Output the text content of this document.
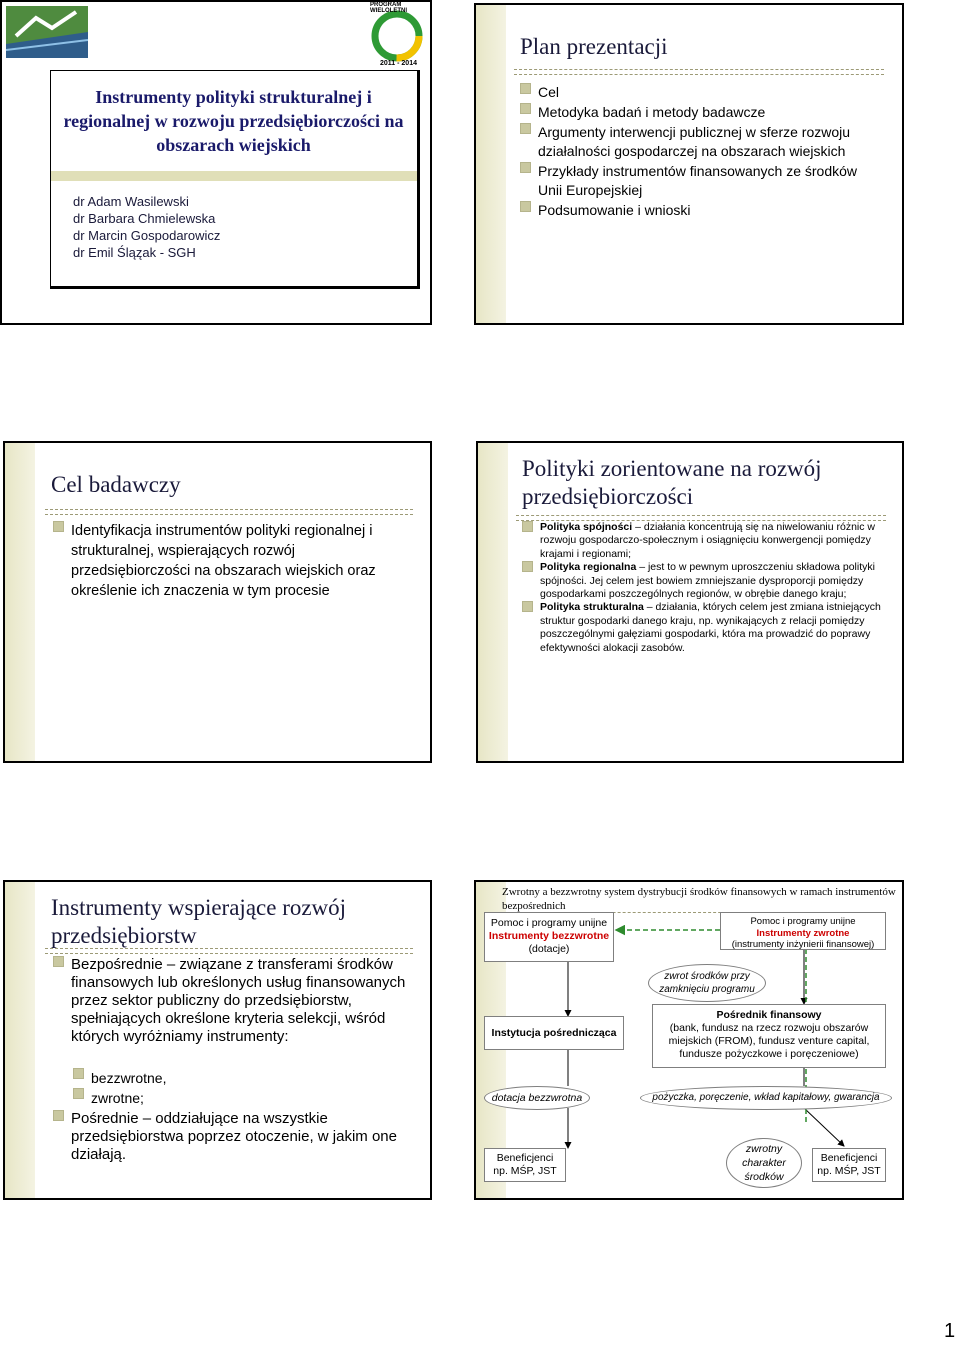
PROGRAM WIELOLETNI
2011 - 2014
Instrumenty polityki strukturalnej i regionalnej w rozwoju przedsiębiorczości na obszarach wiejskich
dr Adam Wasilewski
dr Barbara Chmielewska
dr Marcin Gospodarowicz
dr Emil Śląz̨ak - SGH
Plan prezentacji
Cel
Metodyka badań i metody badawcze
Argumenty interwencji publicznej w sferze rozwoju działalności gospodarczej na obszarach wiejskich
Przykłady instrumentów finansowanych ze środków Unii Europejskiej
Podsumowanie i wnioski
Cel badawczy
Identyfikacja instrumentów polityki regionalnej i strukturalnej, wspierających rozwój przedsiębiorczości na obszarach wiejskich oraz określenie ich znaczenia w tym procesie
Polityki zorientowane na rozwój przedsiębiorczości
Polityka spójności – działania koncentrują się na niwelowaniu różnic w rozwoju gospodarczo-społecznym i osiągnięciu konwergencji pomiędzy krajami i regionami;
Polityka regionalna – jest to w pewnym uproszczeniu składowa polityki spójności. Jej celem jest bowiem zmniejszanie dysproporcji pomiędzy gospodarkami poszczególnych regionów, w obrębie danego kraju;
Polityka strukturalna – działania, których celem jest zmiana istniejących struktur gospodarki danego kraju, np. wynikających z relacji pomiędzy poszczególnymi gałęziami gospodarki, która ma prowadzić do poprawy efektywności alokacji zasobów.
Instrumenty wspierające rozwój przedsiębiorstw
Bezpośrednie – związane z transferami środków finansowych lub określonych usług finansowanych przez sektor publiczny do przedsiębiorstw, spełniających określone kryteria selekcji, wśród których wyróżniamy instrumenty:
bezzwrotne,
zwrotne;
Pośrednie – oddziałujące na wszystkie przedsiębiorstwa poprzez otoczenie, w jakim one działają.
Zwrotny a bezzwrotny system dystrybucji środków finansowych w ramach instrumentów bezpośrednich
Pomoc i programy unijne
Instrumenty bezzwrotne
(dotacje)
Pomoc i programy unijne
Instrumenty zwrotne
(instrumenty inżynierii finansowej)
zwrot środków przy zamknięciu programu
Instytucja pośrednicząca
Pośrednik finansowy
(bank, fundusz na rzecz rozwoju obszarów miejskich (FROM), fundusz venture capital, fundusze pożyczkowe i poręczeniowe)
dotacja bezzwrotna	pożyczka, poręczenie, wkład kapitałowy, gwarancja
Beneficjenci np. MŚP, JST
zwrotny charakter środków
Beneficjenci np. MŚP, JST
1
